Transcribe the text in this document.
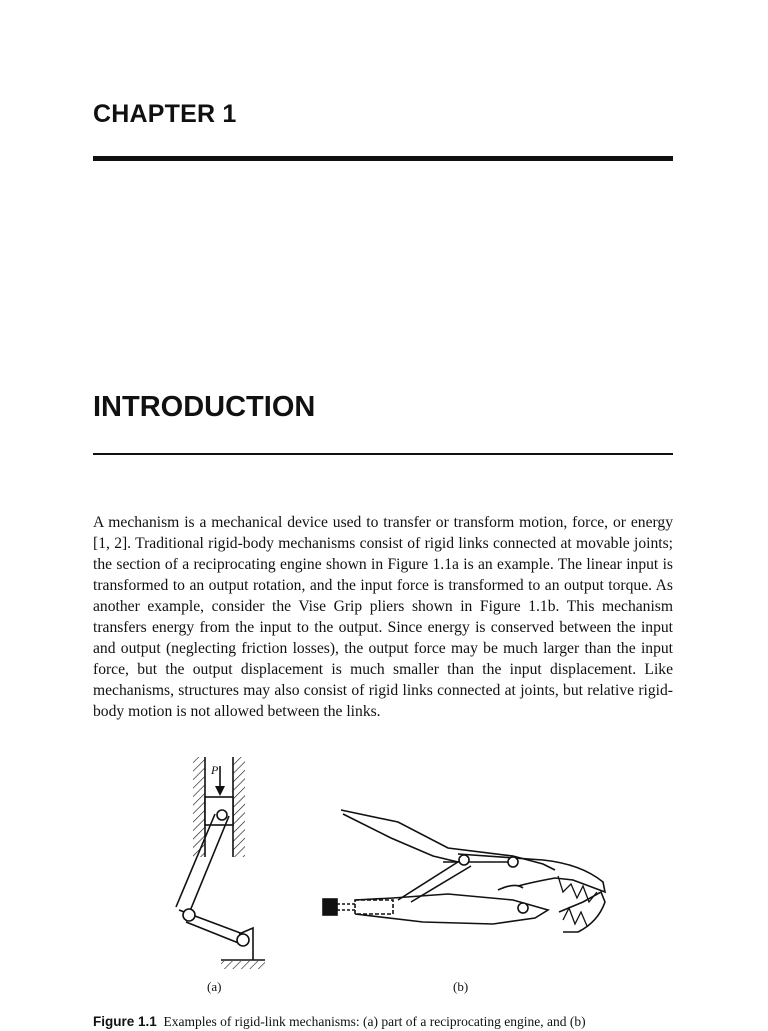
CHAPTER 1
INTRODUCTION

A mechanism is a mechanical device used to transfer or transform motion, force, or energy [1, 2]. Traditional rigid-body mechanisms consist of rigid links connected at movable joints; the section of a reciprocating engine shown in Figure 1.1a is an example. The linear input is transformed to an output rotation, and the input force is transformed to an output torque. As another example, consider the Vise Grip pliers shown in Figure 1.1b. This mechanism transfers energy from the input to the output. Since energy is conserved between the input and output (neglecting friction losses), the output force may be much larger than the input force, but the output displacement is much smaller than the input displacement. Like mechanisms, structures may also consist of rigid links connected at joints, but relative rigid-body motion is not allowed between the links.

P
(a)	(b)
Figure 1.1 Examples of rigid-link mechanisms: (a) part of a reciprocating engine, and (b)
